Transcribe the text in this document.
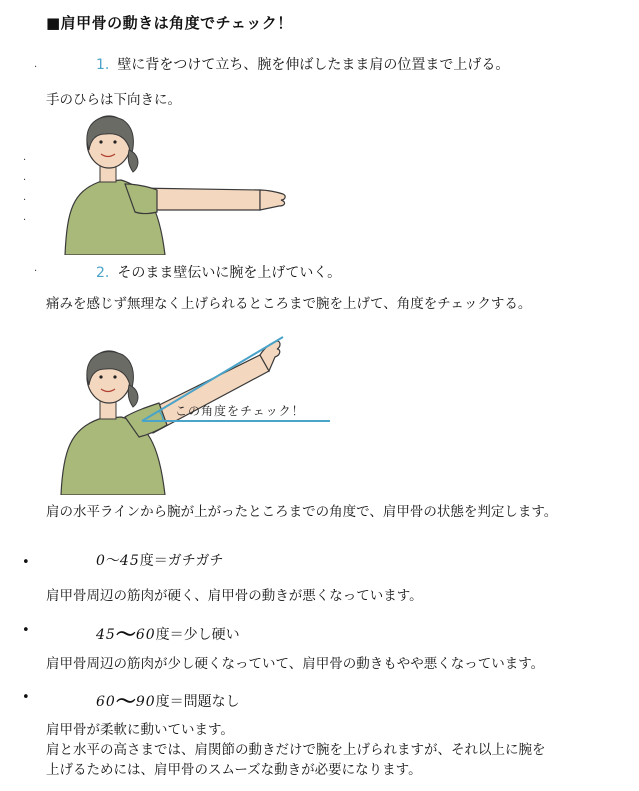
■肩甲骨の動きは角度でチェック！
·
·
·
·
·
·
1. 壁に背をつけて立ち、腕を伸ばしたまま肩の位置まで上げる。
手のひらは下向きに。
2. そのまま壁伝いに腕を上げていく。
痛みを感じず無理なく上げられるところまで腕を上げて、角度をチェックする。
この角度をチェック！
肩の水平ラインから腕が上がったところまでの角度で、肩甲骨の状態を判定します。
•	0〜45度＝ガチガチ
肩甲骨周辺の筋肉が硬く、肩甲骨の動きが悪くなっています。
•	45〜60度＝少し硬い
肩甲骨周辺の筋肉が少し硬くなっていて、肩甲骨の動きもやや悪くなっています。
•	60〜90度＝問題なし
肩甲骨が柔軟に動いています。
肩と水平の高さまでは、肩関節の動きだけで腕を上げられますが、それ以上に腕を
上げるためには、肩甲骨のスムーズな動きが必要になります。
